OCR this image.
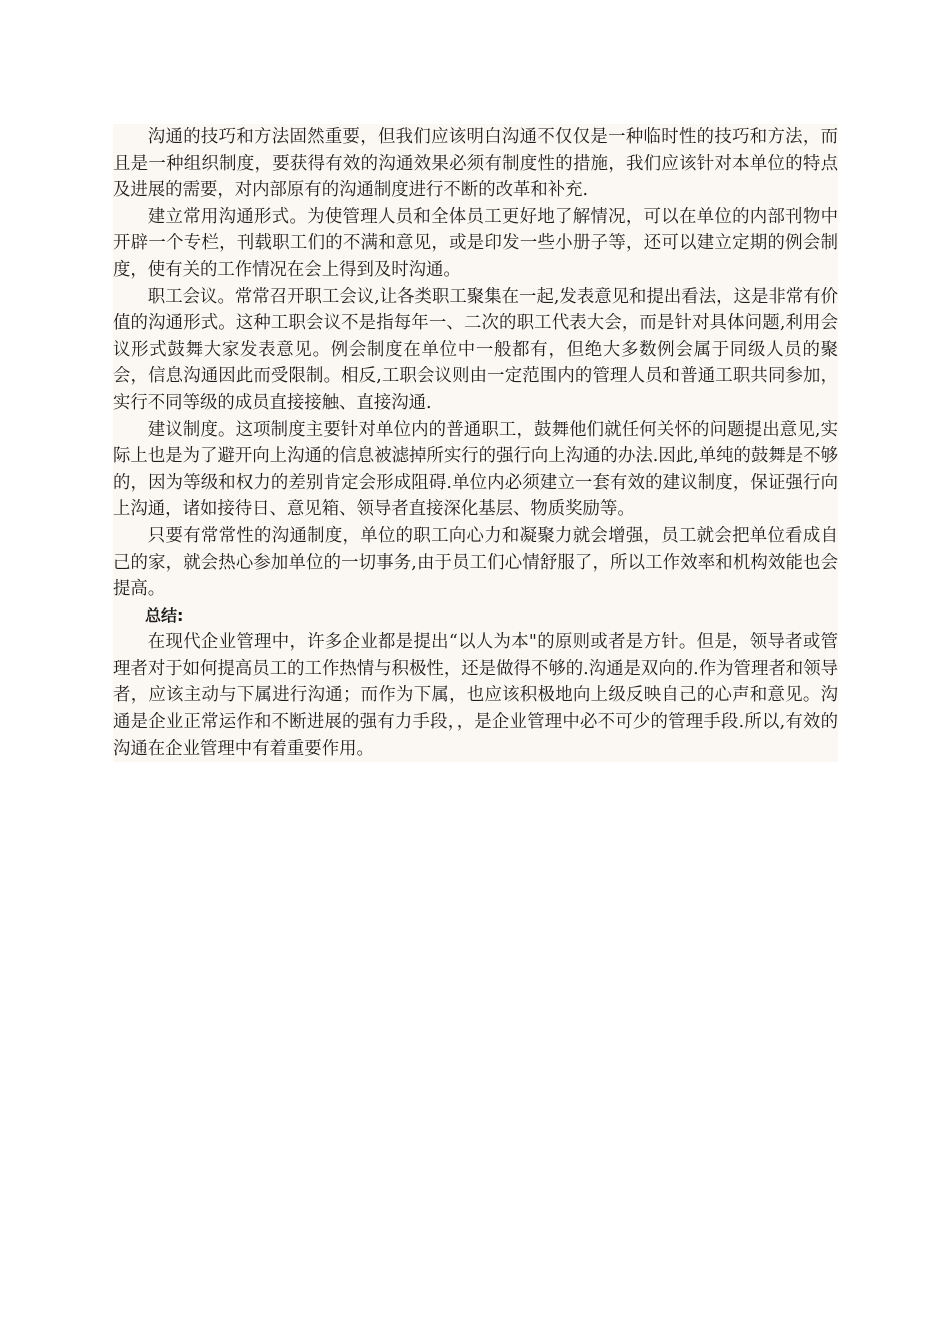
沟通的技巧和方法固然重要，但我们应该明白沟通不仅仅是一种临时性的技巧和方法，而且是一种组织制度，要获得有效的沟通效果必须有制度性的措施，我们应该针对本单位的特点及进展的需要，对内部原有的沟通制度进行不断的改革和补充.

建立常用沟通形式。为使管理人员和全体员工更好地了解情况，可以在单位的内部刊物中开辟一个专栏，刊载职工们的不满和意见，或是印发一些小册子等，还可以建立定期的例会制度，使有关的工作情况在会上得到及时沟通。

职工会议。常常召开职工会议,让各类职工聚集在一起,发表意见和提出看法，这是非常有价值的沟通形式。这种工职会议不是指每年一、二次的职工代表大会，而是针对具体问题,利用会议形式鼓舞大家发表意见。例会制度在单位中一般都有，但绝大多数例会属于同级人员的聚会，信息沟通因此而受限制。相反,工职会议则由一定范围内的管理人员和普通工职共同参加，实行不同等级的成员直接接触、直接沟通.

建议制度。这项制度主要针对单位内的普通职工，鼓舞他们就任何关怀的问题提出意见,实际上也是为了避开向上沟通的信息被滤掉所实行的强行向上沟通的办法.因此,单纯的鼓舞是不够的，因为等级和权力的差别肯定会形成阻碍.单位内必须建立一套有效的建议制度，保证强行向上沟通，诸如接待日、意见箱、领导者直接深化基层、物质奖励等。

只要有常常性的沟通制度，单位的职工向心力和凝聚力就会增强，员工就会把单位看成自己的家，就会热心参加单位的一切事务,由于员工们心情舒服了，所以工作效率和机构效能也会提高。

总结:

在现代企业管理中，许多企业都是提出“以人为本"的原则或者是方针。但是，领导者或管理者对于如何提高员工的工作热情与积极性，还是做得不够的.沟通是双向的.作为管理者和领导者，应该主动与下属进行沟通；而作为下属，也应该积极地向上级反映自己的心声和意见。沟通是企业正常运作和不断进展的强有力手段，，是企业管理中必不可少的管理手段.所以,有效的沟通在企业管理中有着重要作用。
